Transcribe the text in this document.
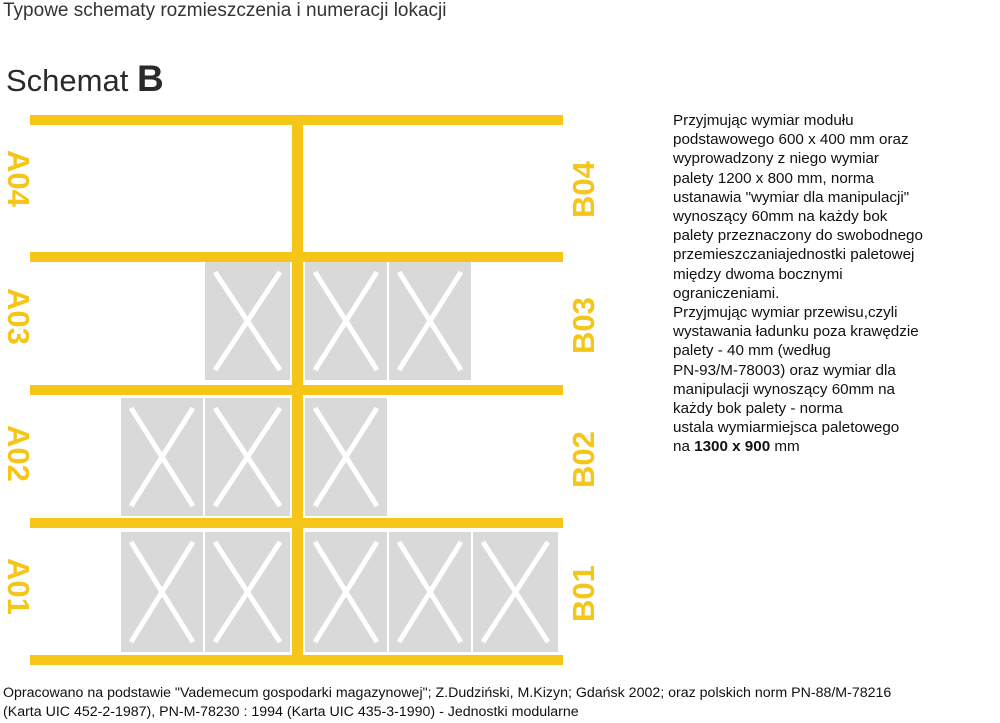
Typowe schematy rozmieszczenia i numeracji lokacji
Schemat B
A04
A03
A02
A01
B04
B03
B02
B01

Przyjmując wymiar modułu

podstawowego 600 x 400 mm oraz

wyprowadzony z niego wymiar

palety 1200 x 800 mm, norma

ustanawia "wymiar dla manipulacji"

wynoszący 60mm na każdy bok

palety przeznaczony do swobodnego

przemieszczaniajednostki paletowej

między dwoma bocznymi

ograniczeniami.

Przyjmując wymiar przewisu,czyli

wystawania ładunku poza krawędzie

palety - 40 mm (według

PN-93/M-78003) oraz wymiar dla

manipulacji wynoszący 60mm na

każdy bok palety - norma

ustala wymiarmiejsca paletowego

na 1300 x 900 mm

Opracowano na podstawie "Vademecum gospodarki magazynowej"; Z.Dudziński, M.Kizyn; Gdańsk 2002; oraz polskich norm PN-88/M-78216

(Karta UIC 452-2-1987), PN-M-78230 : 1994 (Karta UIC 435-3-1990) - Jednostki modularne
